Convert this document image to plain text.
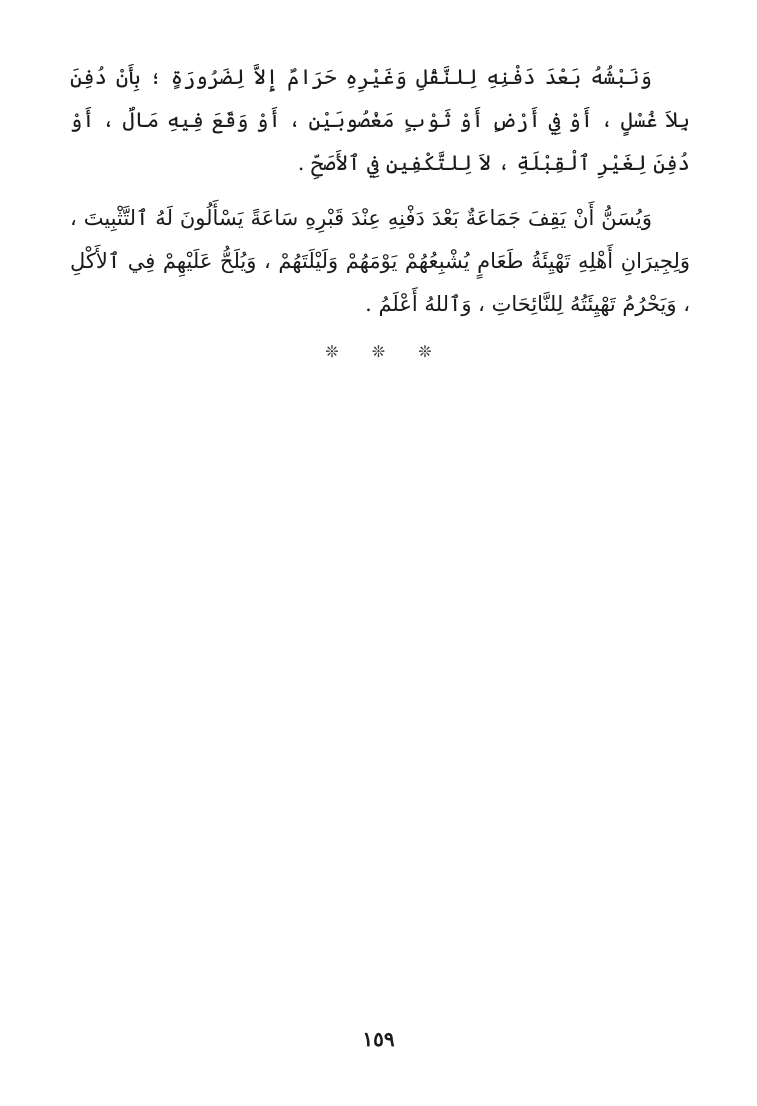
وَنَبْشُهُ بَعْدَ دَفْنِهِ لِلنَّقْلِ وَغَيْرِهِ حَرَامٌ إِلاَّ لِضَرُورَةٍ ؛ بِأَنْ دُفِنَ بِلاَ غُسْلٍ ، أَوْ فِي أَرْضٍ أَوْ ثَوْبٍ مَغْصُوبَيْنِ ، أَوْ وَقَعَ فِيهِ مَالٌ ، أَوْ دُفِنَ لِغَيْرِ ٱلْقِبْلَةِ ، لاَ لِلتَّكْفِينِ فِي ٱلأَصَحِّ .

وَيُسَنُّ أَنْ يَقِفَ جَمَاعَةٌ بَعْدَ دَفْنِهِ عِنْدَ قَبْرِهِ سَاعَةً يَسْأَلُونَ لَهُ ٱلتَّثْبِيتَ ، وَلِجِيرَانِ أَهْلِهِ تَهْيِئَةُ طَعَامٍ يُشْبِعُهُمْ يَوْمَهُمْ وَلَيْلَتَهُمْ ، وَيُلَحُّ عَلَيْهِمْ فِي ٱلأَكْلِ ، وَيَحْرُمُ تَهْيِئَتُهُ لِلنَّائِحَاتِ ، وَٱللهُ أَعْلَمُ .

❊ ❊ ❊
١٥٩
